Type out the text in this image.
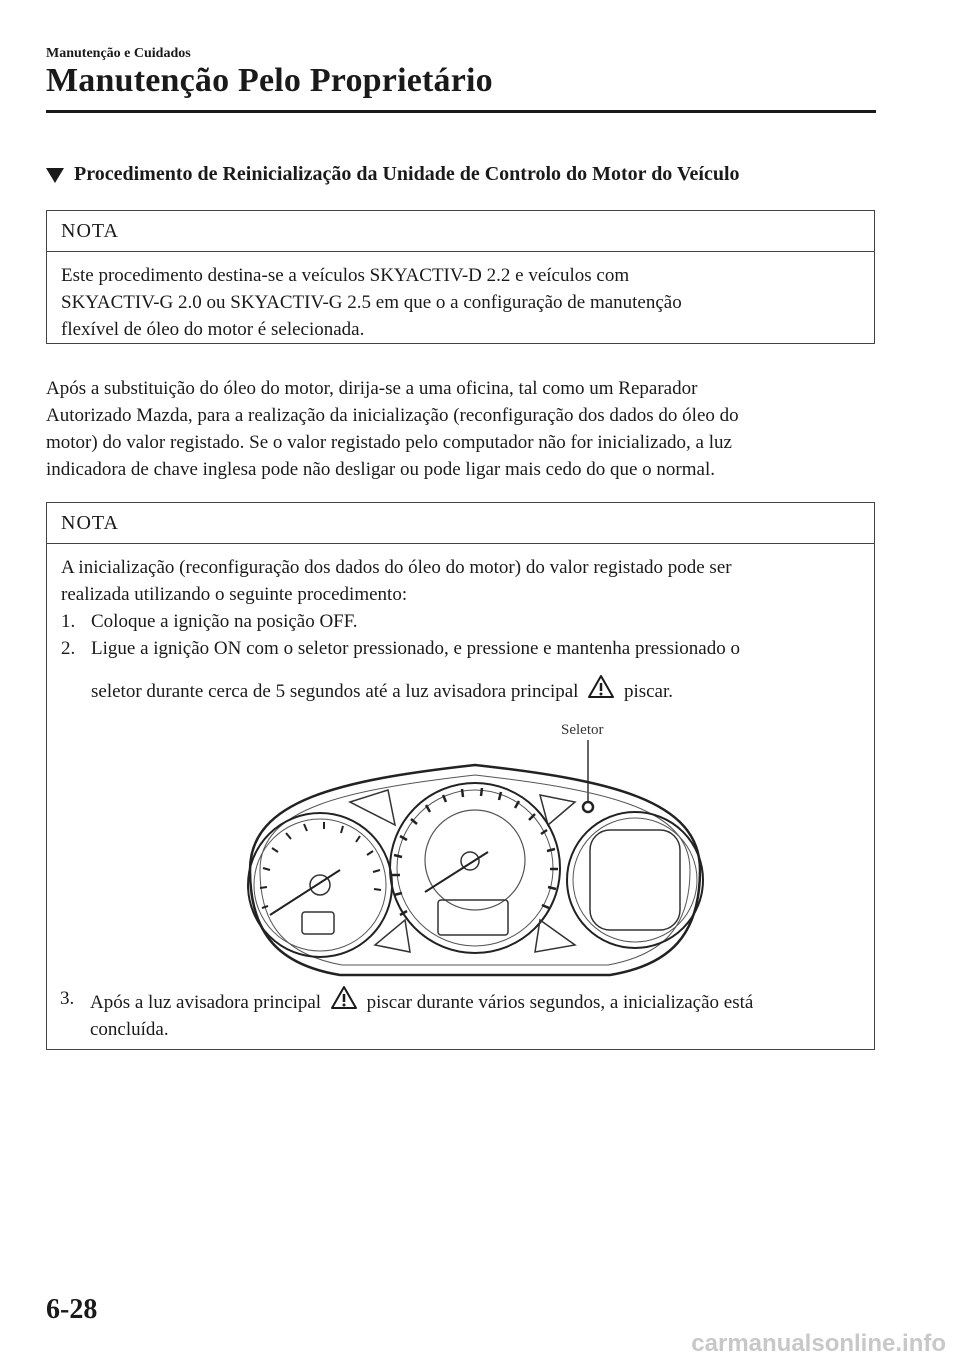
Manutenção e Cuidados
Manutenção Pelo Proprietário
Procedimento de Reinicialização da Unidade de Controlo do Motor do Veículo
NOTA
Este procedimento destina-se a veículos SKYACTIV-D 2.2 e veículos com
SKYACTIV-G 2.0 ou SKYACTIV-G 2.5 em que o a configuração de manutenção
flexível de óleo do motor é selecionada.
Após a substituição do óleo do motor, dirija-se a uma oficina, tal como um Reparador
Autorizado Mazda, para a realização da inicialização (reconfiguração dos dados do óleo do
motor) do valor registado. Se o valor registado pelo computador não for inicializado, a luz
indicadora de chave inglesa pode não desligar ou pode ligar mais cedo do que o normal.
NOTA
A inicialização (reconfiguração dos dados do óleo do motor) do valor registado pode ser
realizada utilizando o seguinte procedimento:
1. Coloque a ignição na posição OFF.
2. Ligue a ignição ON com o seletor pressionado, e pressione e mantenha pressionado o
seletor durante cerca de 5 segundos até a luz avisadora principal piscar.
Seletor
3. Após a luz avisadora principal piscar durante vários segundos, a inicialização está
concluída.
6-28
carmanualsonline.info
